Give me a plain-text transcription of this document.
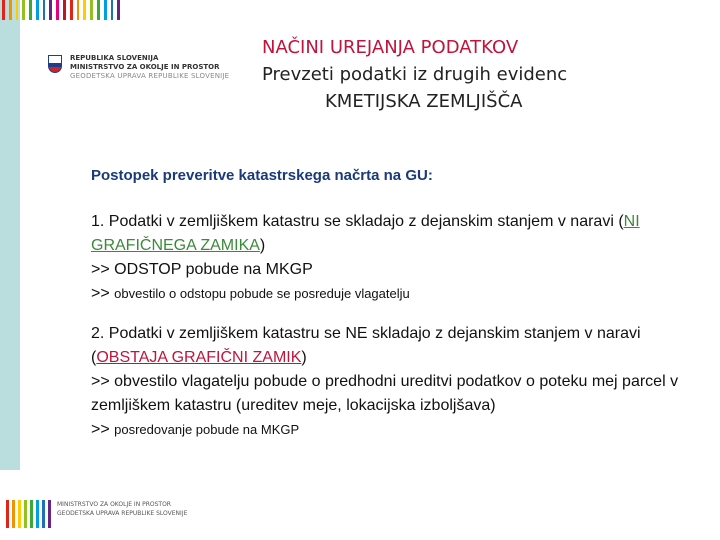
REPUBLIKA SLOVENIJA
MINISTRSTVO ZA OKOLJE IN PROSTOR
GEODETSKA UPRAVA REPUBLIKE SLOVENIJE
NAČINI UREJANJA PODATKOV
Prevzeti podatki iz drugih evidenc
KMETIJSKA ZEMLJIŠČA
Postopek preveritve katastrskega načrta na GU:
1. Podatki v zemljiškem katastru se skladajo z dejanskim stanjem v naravi (NI GRAFIČNEGA ZAMIKA)
>> ODSTOP pobude na MKGP
>> obvestilo o odstopu pobude se posreduje vlagatelju
2. Podatki v zemljiškem katastru se NE skladajo z dejanskim stanjem v naravi (OBSTAJA GRAFIČNI ZAMIK)
>> obvestilo vlagatelju pobude o predhodni ureditvi podatkov o poteku mej parcel v zemljiškem katastru (ureditev meje, lokacijska izboljšava)
>> posredovanje pobude na MKGP
MINISTRSTVO ZA OKOLJE IN PROSTOR
GEODETSKA UPRAVA REPUBLIKE SLOVENIJE
